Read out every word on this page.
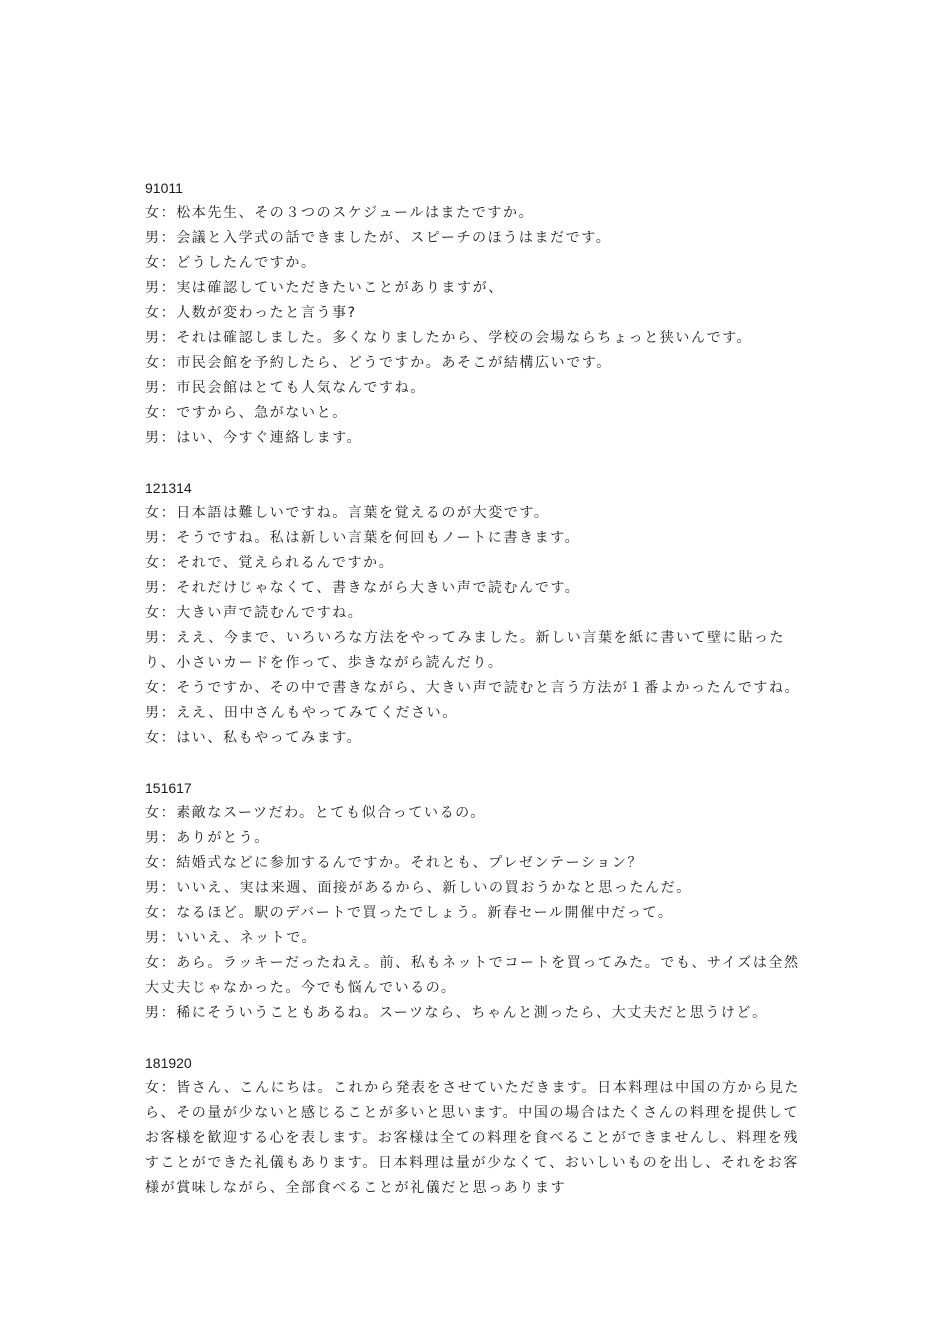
91011
女：松本先生、その３つのスケジュールはまたですか。
男：会議と入学式の話できましたが、スピーチのほうはまだです。
女：どうしたんですか。
男：実は確認していただきたいことがありますが、
女：人数が変わったと言う事?
男：それは確認しました。多くなりましたから、学校の会場ならちょっと狭いんです。
女：市民会館を予約したら、どうですか。あそこが結構広いです。
男：市民会館はとても人気なんですね。
女：ですから、急がないと。
男：はい、今すぐ連絡します。
121314
女：日本語は難しいですね。言葉を覚えるのが大変です。
男：そうですね。私は新しい言葉を何回もノートに書きます。
女：それで、覚えられるんですか。
男：それだけじゃなくて、書きながら大きい声で読むんです。
女：大きい声で読むんですね。
男：ええ、今まで、いろいろな方法をやってみました。新しい言葉を紙に書いて壁に貼ったり、小さいカードを作って、歩きながら読んだり。
女：そうですか、その中で書きながら、大きい声で読むと言う方法が１番よかったんですね。
男：ええ、田中さんもやってみてください。
女：はい、私もやってみます。
151617
女：素敵なスーツだわ。とても似合っているの。
男：ありがとう。
女：結婚式などに参加するんですか。それとも、プレゼンテーション？
男：いいえ、実は来週、面接があるから、新しいの買おうかなと思ったんだ。
女：なるほど。駅のデバートで買ったでしょう。新春セール開催中だって。
男：いいえ、ネットで。
女：あら。ラッキーだったねえ。前、私もネットでコートを買ってみた。でも、サイズは全然大丈夫じゃなかった。今でも悩んでいるの。
男：稀にそういうこともあるね。スーツなら、ちゃんと測ったら、大丈夫だと思うけど。
181920
女：皆さん、こんにちは。これから発表をさせていただきます。日本料理は中国の方から見たら、その量が少ないと感じることが多いと思います。中国の場合はたくさんの料理を提供してお客様を歓迎する心を表します。お客様は全ての料理を食べることができませんし、料理を残すことができた礼儀もあります。日本料理は量が少なくて、おいしいものを出し、それをお客様が賞味しながら、全部食べることが礼儀だと思っあります
